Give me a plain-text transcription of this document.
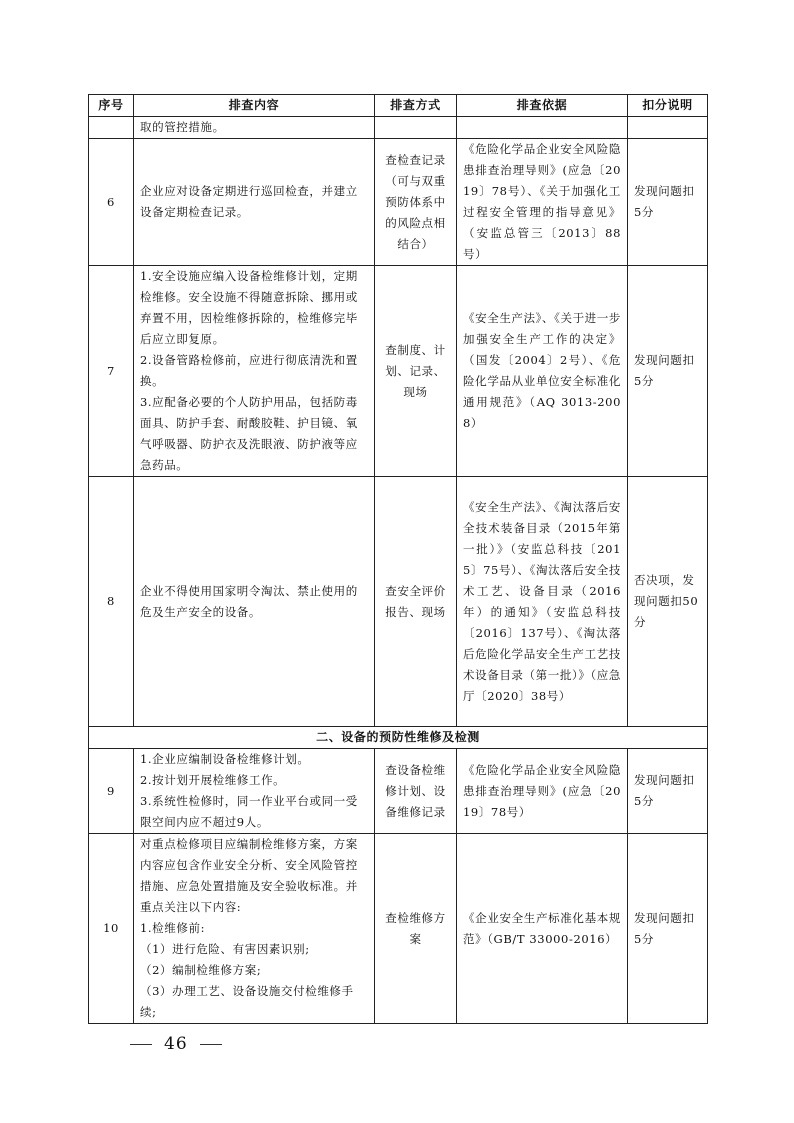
序号	排查内容	排查方式	排查依据	扣分说明
	取的管控措施。			
6	企业应对设备定期进行巡回检查，并建立设备定期检查记录。	查检查记录（可与双重预防体系中的风险点相结合）	《危险化学品企业安全风险隐患排查治理导则》(应急〔2019〕78号）、《关于加强化工过程安全管理的指导意见》（安监总管三〔2013〕88号）	发现问题扣5分
7	1.安全设施应编入设备检维修计划，定期检维修。安全设施不得随意拆除、挪用或弃置不用，因检维修拆除的，检维修完毕后应立即复原。
2.设备管路检修前，应进行彻底清洗和置换。
3.应配备必要的个人防护用品，包括防毒面具、防护手套、耐酸胶鞋、护目镜、氧气呼吸器、防护衣及洗眼液、防护液等应急药品。	查制度、计划、记录、现场	《安全生产法》、《关于进一步加强安全生产工作的决定》（国发〔2004〕2号）、《危险化学品从业单位安全标准化通用规范》（AQ 3013-2008）	发现问题扣5分
8	企业不得使用国家明令淘汰、禁止使用的危及生产安全的设备。	查安全评价报告、现场	《安全生产法》、《淘汰落后安全技术装备目录（2015年第一批）》（安监总科技〔2015〕75号）、《淘汰落后安全技术工艺、设备目录（2016年）的通知》（安监总科技〔2016〕137号）、《淘汰落后危险化学品安全生产工艺技术设备目录（第一批）》（应急厅〔2020〕38号）	否决项，发现问题扣50分
二、设备的预防性维修及检测				
9	1.企业应编制设备检维修计划。
2.按计划开展检维修工作。
3.系统性检修时，同一作业平台或同一受限空间内应不超过9人。	查设备检维修计划、设备维修记录	《危险化学品企业安全风险隐患排查治理导则》(应急〔2019〕78号）	发现问题扣5分
10	对重点检修项目应编制检维修方案，方案内容应包含作业安全分析、安全风险管控措施、应急处置措施及安全验收标准。并重点关注以下内容:
1.检维修前:
（1）进行危险、有害因素识别;
（2）编制检维修方案;
（3）办理工艺、设备设施交付检维修手续;	查检维修方案	《企业安全生产标准化基本规范》（GB/T 33000-2016）	发现问题扣5分
46
